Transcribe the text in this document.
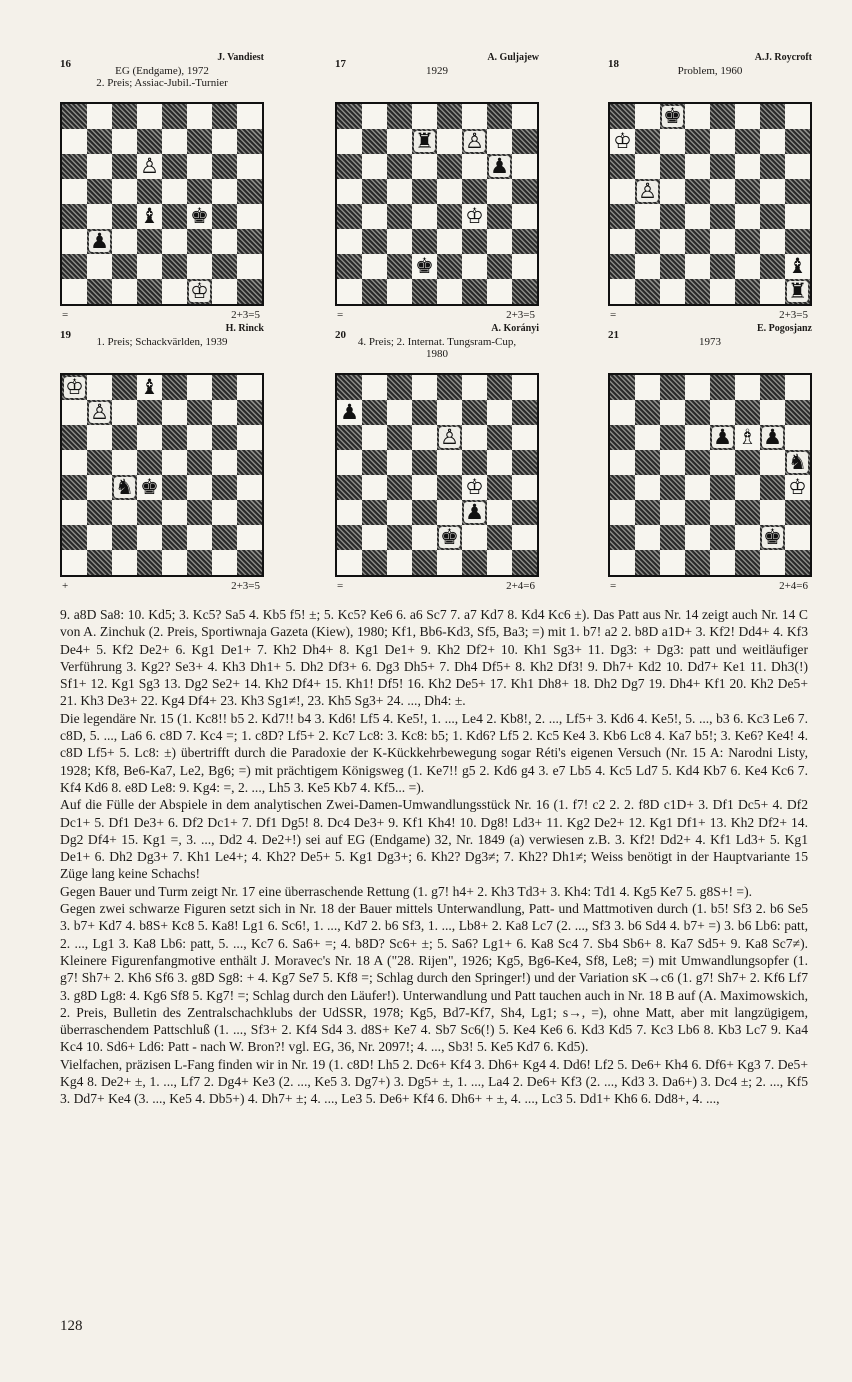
16
J. Vandiest
EG (Endgame), 1972
2. Preis; Assiac-Jubil.-Turnier
♙
♝ ♚
♟
♔
=	2+3=5
17
A. Guljajew
1929
♜ ♙
♟
♔
♚
=	2+3=5
18
A.J. Roycroft
Problem, 1960
♚
♔
♙
♝
♜
=	2+3=5
19
H. Rinck
1. Preis; Schackvärlden, 1939
♔	♝
♙
♞ ♚
+	2+3=5
20
A. Korányi
4. Preis; 2. Internat. Tungsram-Cup,
1980
♟
♙
♔
♟
♚
=	2+4=6
21
E. Pogosjanz
1973
♟ ♗ ♟
♞
♔
♚
=	2+4=6

9. a8D Sa8: 10. Kd5; 3. Kc5? Sa5 4. Kb5 f5! ±; 5. Kc5? Ke6 6. a6 Sc7 7. a7 Kd7 8. Kd4 Kc6 ±). Das Patt aus Nr. 14 zeigt auch Nr. 14 C von A. Zinchuk (2. Preis, Sportiwnaja Gazeta (Kiew), 1980; Kf1, Bb6-Kd3, Sf5, Ba3; =) mit 1. b7! a2 2. b8D a1D+ 3. Kf2! Dd4+ 4. Kf3 De4+ 5. Kf2 De2+ 6. Kg1 De1+ 7. Kh2 Dh4+ 8. Kg1 De1+ 9. Kh2 Df2+ 10. Kh1 Sg3+ 11. Dg3: + Dg3: patt und weitläufiger Verführung 3. Kg2? Se3+ 4. Kh3 Dh1+ 5. Dh2 Df3+ 6. Dg3 Dh5+ 7. Dh4 Df5+ 8. Kh2 Df3! 9. Dh7+ Kd2 10. Dd7+ Ke1 11. Dh3(!) Sf1+ 12. Kg1 Sg3 13. Dg2 Se2+ 14. Kh2 Df4+ 15. Kh1! Df5! 16. Kh2 De5+ 17. Kh1 Dh8+ 18. Dh2 Dg7 19. Dh4+ Kf1 20. Kh2 De5+ 21. Kh3 De3+ 22. Kg4 Df4+ 23. Kh3 Sg1≠!, 23. Kh5 Sg3+ 24. ..., Dh4: ±.

Die legendäre Nr. 15 (1. Kc8!! b5 2. Kd7!! b4 3. Kd6! Lf5 4. Ke5!, 1. ..., Le4 2. Kb8!, 2. ..., Lf5+ 3. Kd6 4. Ke5!, 5. ..., b3 6. Kc3 Le6 7. c8D, 5. ..., La6 6. c8D 7. Kc4 =; 1. c8D? Lf5+ 2. Kc7 Lc8: 3. Kc8: b5; 1. Kd6? Lf5 2. Kc5 Ke4 3. Kb6 Lc8 4. Ka7 b5!; 3. Ke6? Ke4! 4. c8D Lf5+ 5. Lc8: ±) übertrifft durch die Paradoxie der K-Kückkehrbewegung sogar Réti's eigenen Versuch (Nr. 15 A: Narodni Listy, 1928; Kf8, Be6-Ka7, Le2, Bg6; =) mit prächtigem Königsweg (1. Ke7!! g5 2. Kd6 g4 3. e7 Lb5 4. Kc5 Ld7 5. Kd4 Kb7 6. Ke4 Kc6 7. Kf4 Kd6 8. e8D Le8: 9. Kg4: =, 2. ..., Lh5 3. Ke5 Kb7 4. Kf5... =).

Auf die Fülle der Abspiele in dem analytischen Zwei-Damen-Umwandlungsstück Nr. 16 (1. f7! c2 2. 2. f8D c1D+ 3. Df1 Dc5+ 4. Df2 Dc1+ 5. Df1 De3+ 6. Df2 Dc1+ 7. Df1 Dg5! 8. Dc4 De3+ 9. Kf1 Kh4! 10. Dg8! Ld3+ 11. Kg2 De2+ 12. Kg1 Df1+ 13. Kh2 Df2+ 14. Dg2 Df4+ 15. Kg1 =, 3. ..., Dd2 4. De2+!) sei auf EG (Endgame) 32, Nr. 1849 (a) verwiesen z.B. 3. Kf2! Dd2+ 4. Kf1 Ld3+ 5. Kg1 De1+ 6. Dh2 Dg3+ 7. Kh1 Le4+; 4. Kh2? De5+ 5. Kg1 Dg3+; 6. Kh2? Dg3≠; 7. Kh2? Dh1≠; Weiss benötigt in der Hauptvariante 15 Züge lang keine Schachs!

Gegen Bauer und Turm zeigt Nr. 17 eine überraschende Rettung (1. g7! h4+ 2. Kh3 Td3+ 3. Kh4: Td1 4. Kg5 Ke7 5. g8S+! =).

Gegen zwei schwarze Figuren setzt sich in Nr. 18 der Bauer mittels Unterwandlung, Patt- und Mattmotiven durch (1. b5! Sf3 2. b6 Se5 3. b7+ Kd7 4. b8S+ Kc8 5. Ka8! Lg1 6. Sc6!, 1. ..., Kd7 2. b6 Sf3, 1. ..., Lb8+ 2. Ka8 Lc7 (2. ..., Sf3 3. b6 Sd4 4. b7+ =) 3. b6 Lb6: patt, 2. ..., Lg1 3. Ka8 Lb6: patt, 5. ..., Kc7 6. Sa6+ =; 4. b8D? Sc6+ ±; 5. Sa6? Lg1+ 6. Ka8 Sc4 7. Sb4 Sb6+ 8. Ka7 Sd5+ 9. Ka8 Sc7≠). Kleinere Figurenfangmotive enthält J. Moravec's Nr. 18 A ("28. Rijen", 1926; Kg5, Bg6-Ke4, Sf8, Le8; =) mit Umwandlungsopfer (1. g7! Sh7+ 2. Kh6 Sf6 3. g8D Sg8: + 4. Kg7 Se7 5. Kf8 =; Schlag durch den Springer!) und der Variation sK→c6 (1. g7! Sh7+ 2. Kf6 Lf7 3. g8D Lg8: 4. Kg6 Sf8 5. Kg7! =; Schlag durch den Läufer!). Unterwandlung und Patt tauchen auch in Nr. 18 B auf (A. Maximowskich, 2. Preis, Bulletin des Zentralschachklubs der UdSSR, 1978; Kg5, Bd7-Kf7, Sh4, Lg1; s→, =), ohne Matt, aber mit langzügigem, überraschendem Pattschluß (1. ..., Sf3+ 2. Kf4 Sd4 3. d8S+ Ke7 4. Sb7 Sc6(!) 5. Ke4 Ke6 6. Kd3 Kd5 7. Kc3 Lb6 8. Kb3 Lc7 9. Ka4 Kc4 10. Sd6+ Ld6: Patt - nach W. Bron?! vgl. EG, 36, Nr. 2097!; 4. ..., Sb3! 5. Ke5 Kd7 6. Kd5).

Vielfachen, präzisen L-Fang finden wir in Nr. 19 (1. c8D! Lh5 2. Dc6+ Kf4 3. Dh6+ Kg4 4. Dd6! Lf2 5. De6+ Kh4 6. Df6+ Kg3 7. De5+ Kg4 8. De2+ ±, 1. ..., Lf7 2. Dg4+ Ke3 (2. ..., Ke5 3. Dg7+) 3. Dg5+ ±, 1. ..., La4 2. De6+ Kf3 (2. ..., Kd3 3. Da6+) 3. Dc4 ±; 2. ..., Kf5 3. Dd7+ Ke4 (3. ..., Ke5 4. Db5+) 4. Dh7+ ±; 4. ..., Le3 5. De6+ Kf4 6. Dh6+ + ±, 4. ..., Lc3 5. Dd1+ Kh6 6. Dd8+, 4. ...,

128
